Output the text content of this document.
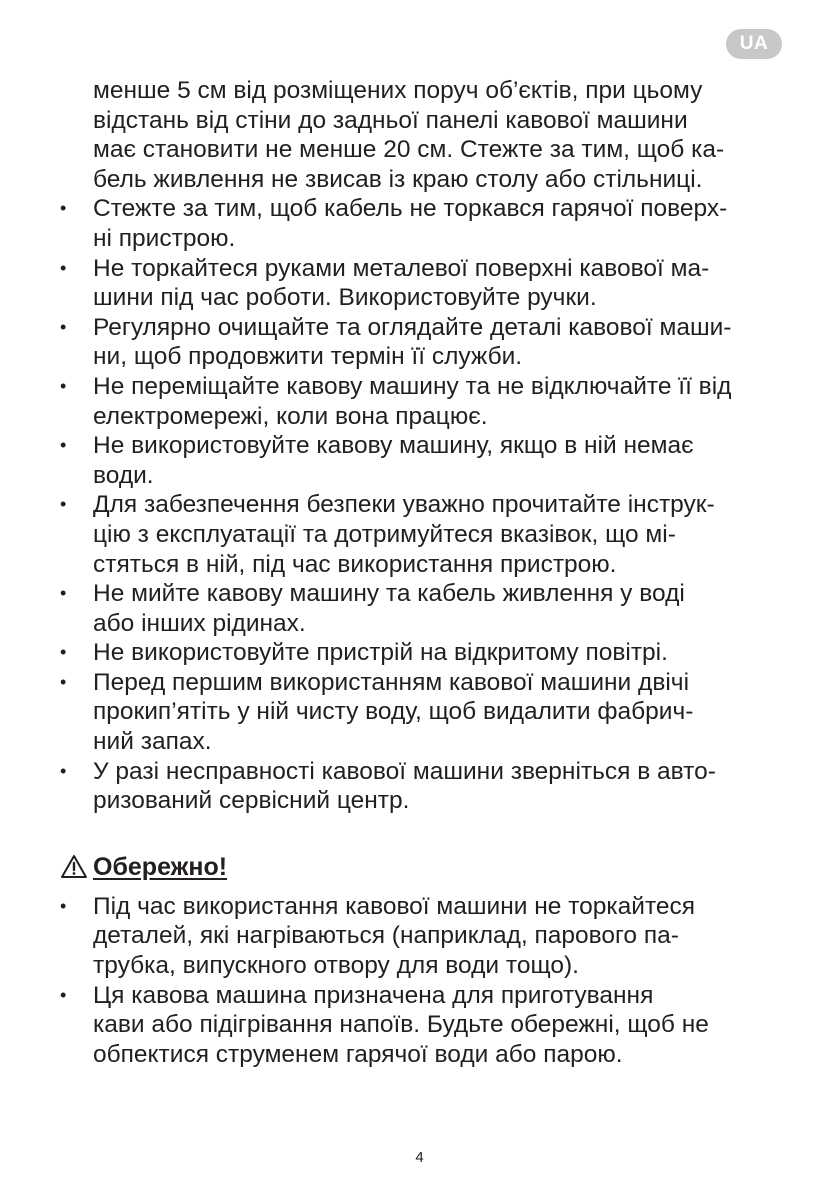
UA
менше 5 см від розміщених поруч об’єктів, при цьому
відстань від стіни до задньої панелі кавової машини
має становити не менше 20 см. Стежте за тим, щоб ка-
бель живлення не звисав із краю столу або стільниці.
• Стежте за тим, щоб кабель не торкався гарячої поверх-
ні пристрою.
• Не торкайтеся руками металевої поверхні кавової ма-
шини під час роботи. Використовуйте ручки.
• Регулярно очищайте та оглядайте деталі кавової маши-
ни, щоб продовжити термін її служби.
• Не переміщайте кавову машину та не відключайте її від
електромережі, коли вона працює.
• Не використовуйте кавову машину, якщо в ній немає
води.
• Для забезпечення безпеки уважно прочитайте інструк-
цію з експлуатації та дотримуйтеся вказівок, що мі-
стяться в ній, під час використання пристрою.
• Не мийте кавову машину та кабель живлення у воді
або інших рідинах.
• Не використовуйте пристрій на відкритому повітрі.
• Перед першим використанням кавової машини двічі
прокип’ятіть у ній чисту воду, щоб видалити фабрич-
ний запах.
• У разі несправності кавової машини зверніться в авто-
ризований сервісний центр.
Обережно!
• Під час використання кавової машини не торкайтеся
деталей, які нагріваються (наприклад, парового па-
трубка, випускного отвору для води тощо).
• Ця кавова машина призначена для приготування
кави або підігрівання напоїв. Будьте обережні, щоб не
обпектися струменем гарячої води або парою.
4
